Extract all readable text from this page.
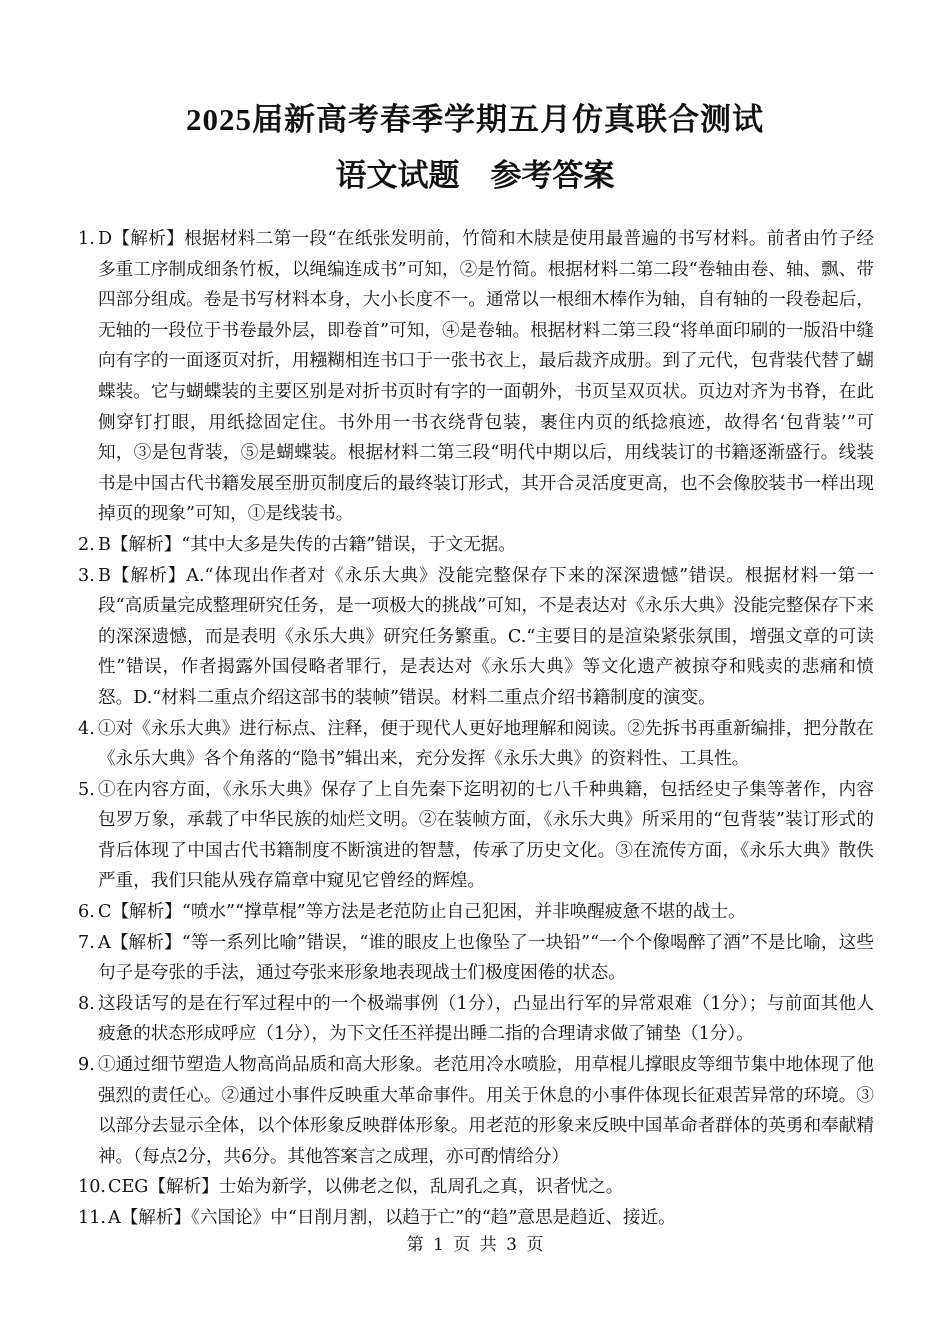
2025届新高考春季学期五月仿真联合测试
语文试题　参考答案
1. D【解析】根据材料二第一段“在纸张发明前，竹简和木牍是使用最普遍的书写材料。前者由竹子经多重工序制成细条竹板，以绳编连成书”可知，②是竹简。根据材料二第二段“卷轴由卷、轴、飘、带四部分组成。卷是书写材料本身，大小长度不一。通常以一根细木棒作为轴，自有轴的一段卷起后，无轴的一段位于书卷最外层，即卷首”可知，④是卷轴。根据材料二第三段“将单面印刷的一版沿中缝向有字的一面逐页对折，用糨糊相连书口于一张书衣上，最后裁齐成册。到了元代，包背装代替了蝴蝶装。它与蝴蝶装的主要区别是对折书页时有字的一面朝外，书页呈双页状。页边对齐为书脊，在此侧穿钉打眼，用纸捻固定住。书外用一书衣绕背包装，裹住内页的纸捻痕迹，故得名‘包背装’”可知，③是包背装，⑤是蝴蝶装。根据材料二第三段“明代中期以后，用线装订的书籍逐渐盛行。线装书是中国古代书籍发展至册页制度后的最终装订形式，其开合灵活度更高，也不会像胶装书一样出现掉页的现象”可知，①是线装书。
2. B【解析】“其中大多是失传的古籍”错误，于文无据。
3. B【解析】A.“体现出作者对《永乐大典》没能完整保存下来的深深遗憾”错误。根据材料一第一段“高质量完成整理研究任务，是一项极大的挑战”可知，不是表达对《永乐大典》没能完整保存下来的深深遗憾，而是表明《永乐大典》研究任务繁重。C.“主要目的是渲染紧张氛围，增强文章的可读性”错误，作者揭露外国侵略者罪行，是表达对《永乐大典》等文化遗产被掠夺和贱卖的悲痛和愤怒。D.“材料二重点介绍这部书的装帧”错误。材料二重点介绍书籍制度的演变。
4. ①对《永乐大典》进行标点、注释，便于现代人更好地理解和阅读。②先拆书再重新编排，把分散在《永乐大典》各个角落的“隐书”辑出来，充分发挥《永乐大典》的资料性、工具性。
5. ①在内容方面，《永乐大典》保存了上自先秦下迄明初的七八千种典籍，包括经史子集等著作，内容包罗万象，承载了中华民族的灿烂文明。②在装帧方面，《永乐大典》所采用的“包背装”装订形式的背后体现了中国古代书籍制度不断演进的智慧，传承了历史文化。③在流传方面，《永乐大典》散佚严重，我们只能从残存篇章中窥见它曾经的辉煌。
6. C【解析】“喷水”“撑草棍”等方法是老范防止自己犯困，并非唤醒疲惫不堪的战士。
7. A【解析】“等一系列比喻”错误，“谁的眼皮上也像坠了一块铅”“一个个像喝醉了酒”不是比喻，这些句子是夸张的手法，通过夸张来形象地表现战士们极度困倦的状态。
8. 这段话写的是在行军过程中的一个极端事例（1分），凸显出行军的异常艰难（1分）；与前面其他人疲惫的状态形成呼应（1分），为下文任丕祥提出睡二指的合理请求做了铺垫（1分）。
9. ①通过细节塑造人物高尚品质和高大形象。老范用冷水喷脸，用草棍儿撑眼皮等细节集中地体现了他强烈的责任心。②通过小事件反映重大革命事件。用关于休息的小事件体现长征艰苦异常的环境。③以部分去显示全体，以个体形象反映群体形象。用老范的形象来反映中国革命者群体的英勇和奉献精神。（每点2分，共6分。其他答案言之成理，亦可酌情给分）
10. CEG【解析】士始为新学，以佛老之似，乱周孔之真，识者忧之。
11. A【解析】《六国论》中“日削月割，以趋于亡”的“趋”意思是趋近、接近。
第 1 页 共 3 页
